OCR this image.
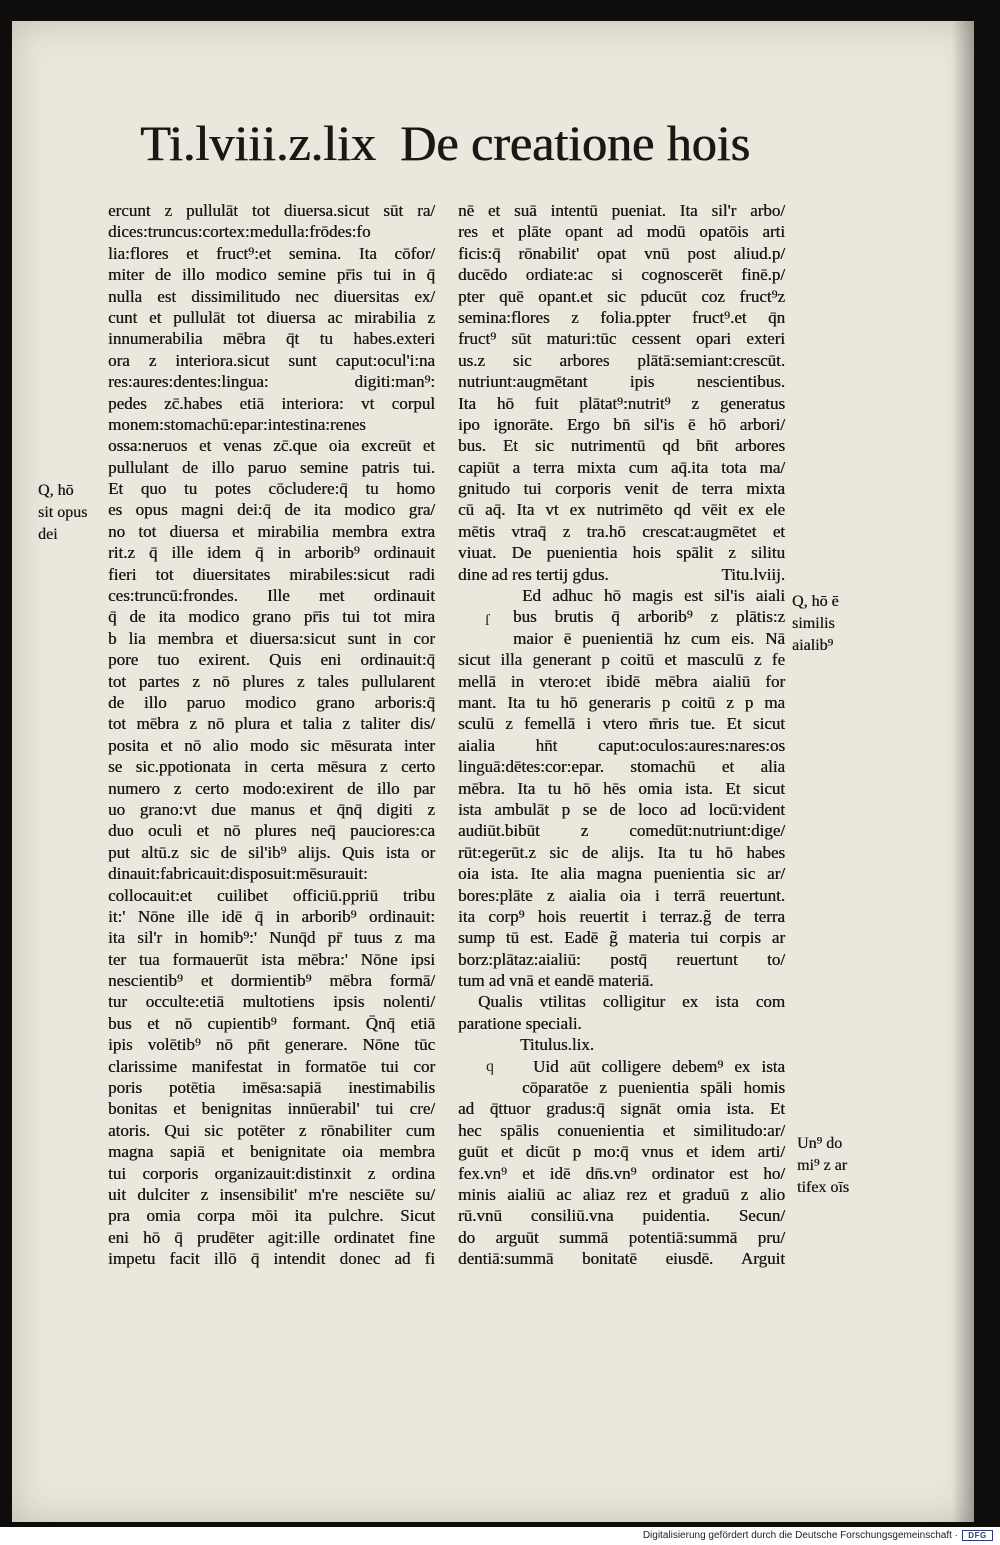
Ti.lviii.z.lix De creatione hois
ercunt z pullulāt tot diuersa.sicut sūt ra/
dices:truncus:cortex:medulla:frōdes:fo
lia:flores et fruct⁹:et semina. Ita cōfor/
miter de illo modico semine pr̄is tui in q̄
nulla est dissimilitudo nec diuersitas ex/
cunt et pullulāt tot diuersa ac mirabilia z
innumerabilia mēbra q̄t tu habes.exteri
ora z interiora.sicut sunt caput:ocul'i:na
res:aures:dentes:lingua: digiti:man⁹:
pedes zc̄.habes etiā interiora: vt corpul
monem:stomachū:epar:intestina:renes
ossa:neruos et venas zc̄.que oia excreūt et
pullulant de illo paruo semine patris tui.
Et quo tu potes cōcludere:q̄ tu homo
es opus magni dei:q̄ de ita modico gra/
no tot diuersa et mirabilia membra extra
rit.z q̄ ille idem q̄ in arborib⁹ ordinauit
fieri tot diuersitates mirabiles:sicut radi
ces:truncū:frondes. Ille met ordinauit
q̄ de ita modico grano pr̄is tui tot mira
b lia membra et diuersa:sicut sunt in cor
pore tuo exirent. Quis eni ordinauit:q̄
tot partes z nō plures z tales pullularent
de illo paruo modico grano arboris:q̄
tot mēbra z nō plura et talia z taliter dis/
posita et nō alio modo sic mēsurata inter
se sic.ppotionata in certa mēsura z certo
numero z certo modo:exirent de illo par
uo grano:vt due manus et q̄nq̄ digiti z
duo oculi et nō plures neq̄ pauciores:ca
put altū.z sic de sil'ib⁹ alijs. Quis ista or
dinauit:fabricauit:disposuit:mēsurauit:
collocauit:et cuilibet officiū.ppriū tribu
it:' Nōne ille idē q̄ in arborib⁹ ordinauit:
ita sil'r in homib⁹:' Nunq̄d pr̄ tuus z ma
ter tua formauerūt ista mēbra:' Nōne ipsi
nescientib⁹ et dormientib⁹ mēbra formā/
tur occulte:etiā multotiens ipsis nolenti/
bus et nō cupientib⁹ formant. Q̄nq̄ etiā
ipis volētib⁹ nō pn̄t generare. Nōne tūc
clarissime manifestat in formatōe tui cor
poris potētia imēsa:sapiā inestimabilis
bonitas et benignitas innūerabil' tui cre/
atoris. Qui sic potēter z rōnabiliter cum
magna sapiā et benignitate oia membra
tui corporis organizauit:distinxit z ordina
uit dulciter z insensibilit' m're nesciēte su/
pra omia corpa mōi ita pulchre. Sicut
eni hō q̄ prudēter agit:ille ordinatet fine
impetu facit illō q̄ intendit donec ad fi
nē et suā intentū pueniat. Ita sil'r arbo/
res et plāte opant ad modū opatōis arti
ficis:q̄ rōnabilit' opat vnū post aliud.p/
ducēdo ordiate:ac si cognoscerēt finē.p/
pter quē opant.et sic pducūt coz fruct⁹z
semina:flores z folia.ppter fruct⁹.et q̄n
fruct⁹ sūt maturi:tūc cessent opari exteri
us.z sic arbores plātā:semiant:crescūt.
nutriunt:augmētant ipis nescientibus.
Ita hō fuit plātat⁹:nutrit⁹ z generatus
ipo ignorāte. Ergo bn̄ sil'is ē hō arbori/
bus. Et sic nutrimentū qd bn̄t arbores
capiūt a terra mixta cum aq̄.ita tota ma/
gnitudo tui corporis venit de terra mixta
cū aq̄. Ita vt ex nutrimēto qd vēit ex ele
mētis vtraq̄ z tra.hō crescat:augmētet et
viuat. De puenientia hois spālit z silitu
dine ad res tertij gdus.	Titu.lviij.
Ed adhuc hō magis est sil'is aiali
bus brutis q̄ arborib⁹ z plātis:z
maior ē puenientiā hz cum eis. Nā
sicut illa generant p coitū et masculū z fe
mellā in vtero:et ibidē mēbra aialiū for
mant. Ita tu hō generaris p coitū z p ma
sculū z femellā i vtero m̄ris tue. Et sicut
aialia hn̄t caput:oculos:aures:nares:os
linguā:dētes:cor:epar. stomachū et alia
mēbra. Ita tu hō hēs omia ista. Et sicut
ista ambulāt p se de loco ad locū:vident
audiūt.bibūt z comedūt:nutriunt:dige/
rūt:egerūt.z sic de alijs. Ita tu hō habes
oia ista. Ite alia magna puenientia sic ar/
bores:plāte z aialia oia i terrā reuertunt.
ita corp⁹ hois reuertit i terraz.g̃ de terra
sump tū est. Eadē g̃ materia tui corpis ar
borz:plātaz:aialiū: postq̄ reuertunt to/
tum ad vnā et eandē materiā.
Qualis vtilitas colligitur ex ista com
paratione speciali.
Titulus.lix.
Uid aūt colligere debem⁹ ex ista
cōparatōe z puenientia spāli homis
ad q̄ttuor gradus:q̄ signāt omia ista. Et
hec spālis conuenientia et similitudo:ar/
guūt et dicūt p mo:q̄ vnus et idem arti/
fex.vn⁹ et idē dn̄s.vn⁹ ordinator est ho/
minis aialiū ac aliaz rez et graduū z alio
rū.vnū consiliū.vna puidentia. Secun/
do arguūt summā potentiā:summā pru/
dentiā:summā bonitatē eiusdē. Arguit
ſ
q
Q, hō
sit opus
dei
Q, hō ē
similis
aialib⁹
Un⁹ do
mi⁹ z ar
tifex oīs
Digitalisierung gefördert durch die Deutsche Forschungsgemeinschaft ·	DFG
